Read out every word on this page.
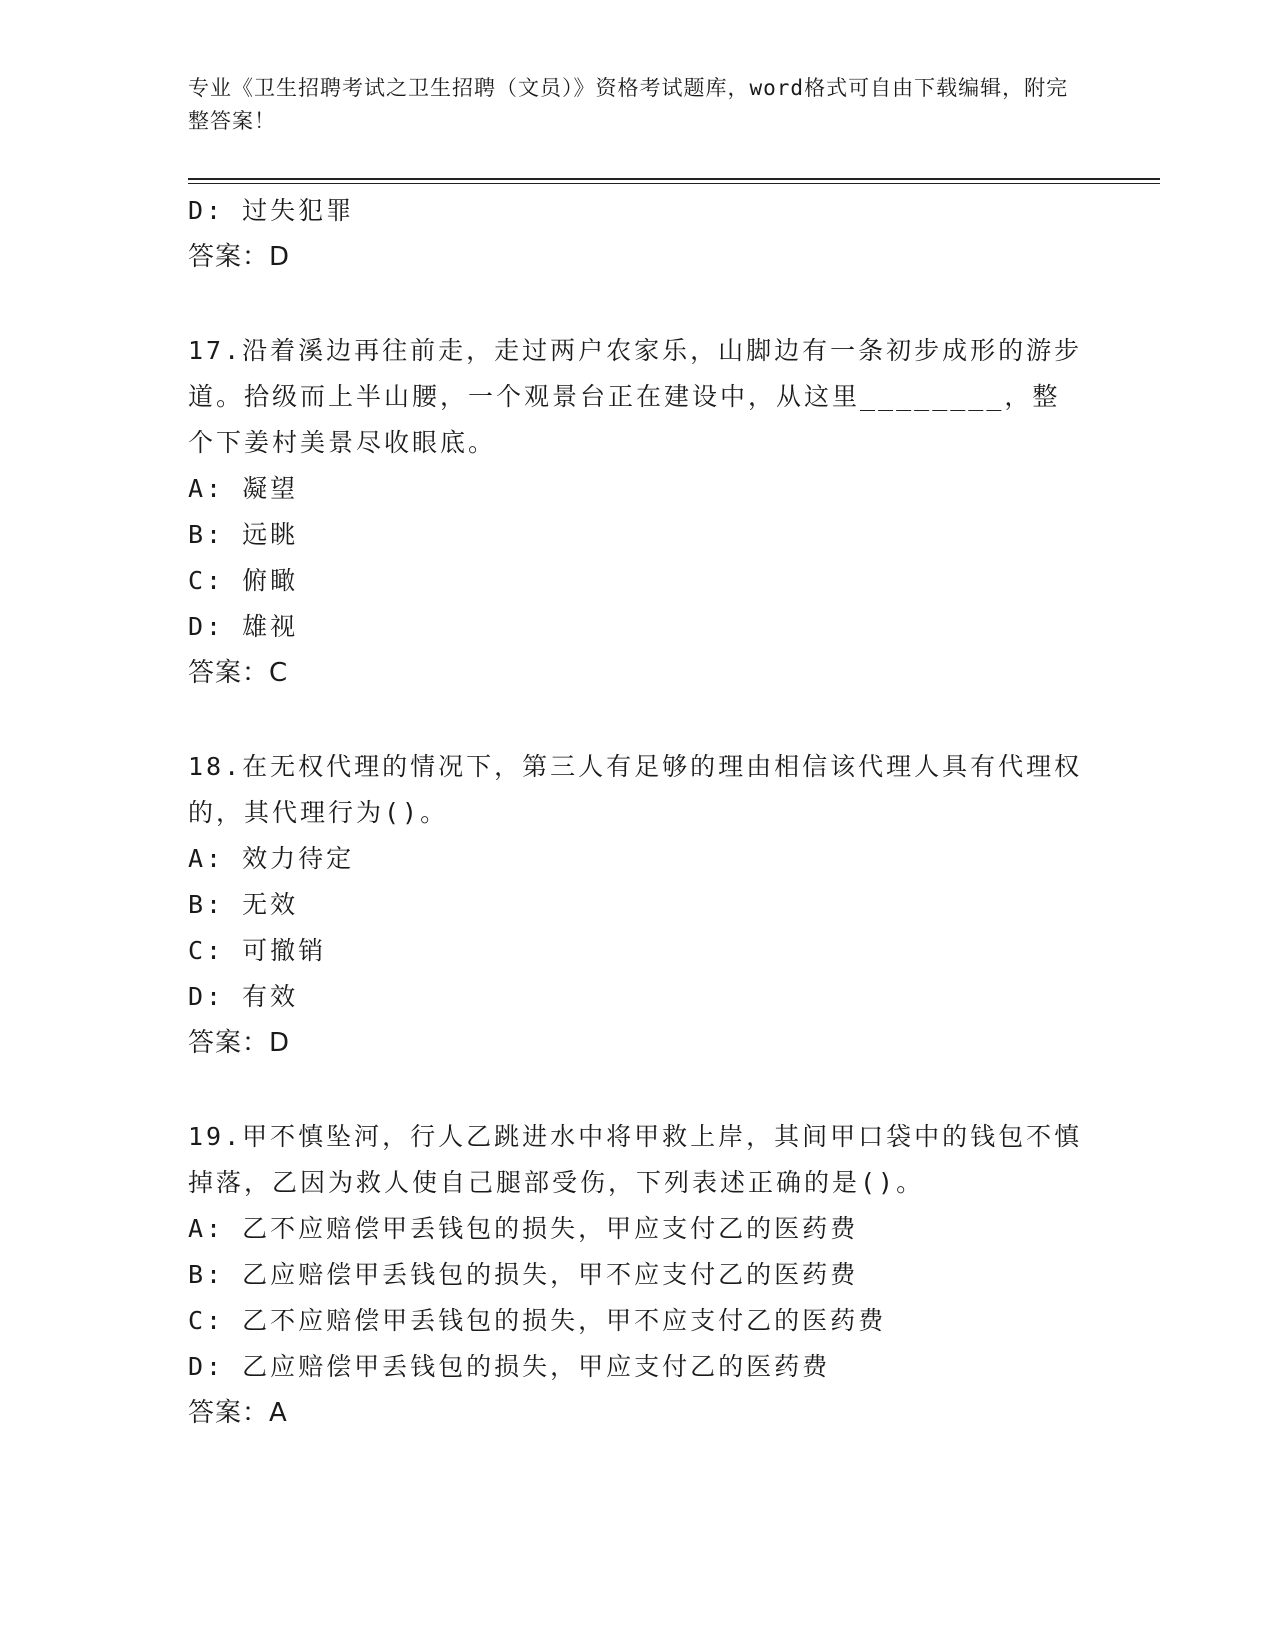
专业《卫生招聘考试之卫生招聘（文员）》资格考试题库，word格式可自由下载编辑，附完整答案！
D: 过失犯罪
答案：D
17.沿着溪边再往前走，走过两户农家乐，山脚边有一条初步成形的游步道。拾级而上半山腰，一个观景台正在建设中，从这里________，整个下姜村美景尽收眼底。
A: 凝望
B: 远眺
C: 俯瞰
D: 雄视
答案：C
18.在无权代理的情况下，第三人有足够的理由相信该代理人具有代理权的，其代理行为()。
A: 效力待定
B: 无效
C: 可撤销
D: 有效
答案：D
19.甲不慎坠河，行人乙跳进水中将甲救上岸，其间甲口袋中的钱包不慎掉落，乙因为救人使自己腿部受伤，下列表述正确的是()。
A: 乙不应赔偿甲丢钱包的损失，甲应支付乙的医药费
B: 乙应赔偿甲丢钱包的损失，甲不应支付乙的医药费
C: 乙不应赔偿甲丢钱包的损失，甲不应支付乙的医药费
D: 乙应赔偿甲丢钱包的损失，甲应支付乙的医药费
答案：A
